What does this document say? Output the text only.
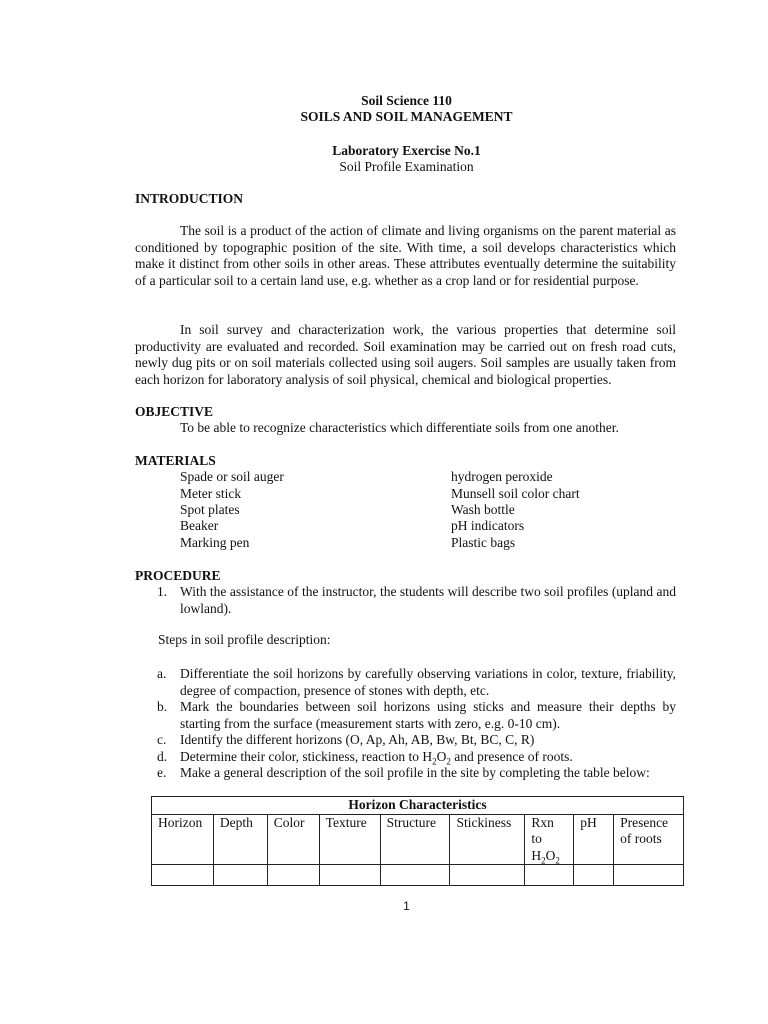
Soil Science 110
SOILS AND SOIL MANAGEMENT
Laboratory Exercise No.1
Soil Profile Examination
INTRODUCTION
The soil is a product of the action of climate and living organisms on the parent material as conditioned by topographic position of the site. With time, a soil develops characteristics which make it distinct from other soils in other areas. These attributes eventually determine the suitability of a particular soil to a certain land use, e.g. whether as a crop land or for residential purpose.
In soil survey and characterization work, the various properties that determine soil productivity are evaluated and recorded. Soil examination may be carried out on fresh road cuts, newly dug pits or on soil materials collected using soil augers. Soil samples are usually taken from each horizon for laboratory analysis of soil physical, chemical and biological properties.
OBJECTIVE
To be able to recognize characteristics which differentiate soils from one another.
MATERIALS
Spade or soil auger
Meter stick
Spot plates
Beaker
Marking pen
hydrogen peroxide
Munsell soil color chart
Wash bottle
pH indicators
Plastic bags
PROCEDURE
1. With the assistance of the instructor, the students will describe two soil profiles (upland and lowland).
Steps in soil profile description:
a. Differentiate the soil horizons by carefully observing variations in color, texture, friability, degree of compaction, presence of stones with depth, etc.
b. Mark the boundaries between soil horizons using sticks and measure their depths by starting from the surface (measurement starts with zero, e.g. 0-10 cm).
c. Identify the different horizons (O, Ap, Ah, AB, Bw, Bt, BC, C, R)
d. Determine their color, stickiness, reaction to $H_2O_2$ and presence of roots.
e. Make a general description of the soil profile in the site by completing the table below:
Horizon Characteristics								
Horizon	Depth	Color	Texture	Structure	Stickiness	Rxn
to
$H_2O_2$	pH	Presence of roots

1
